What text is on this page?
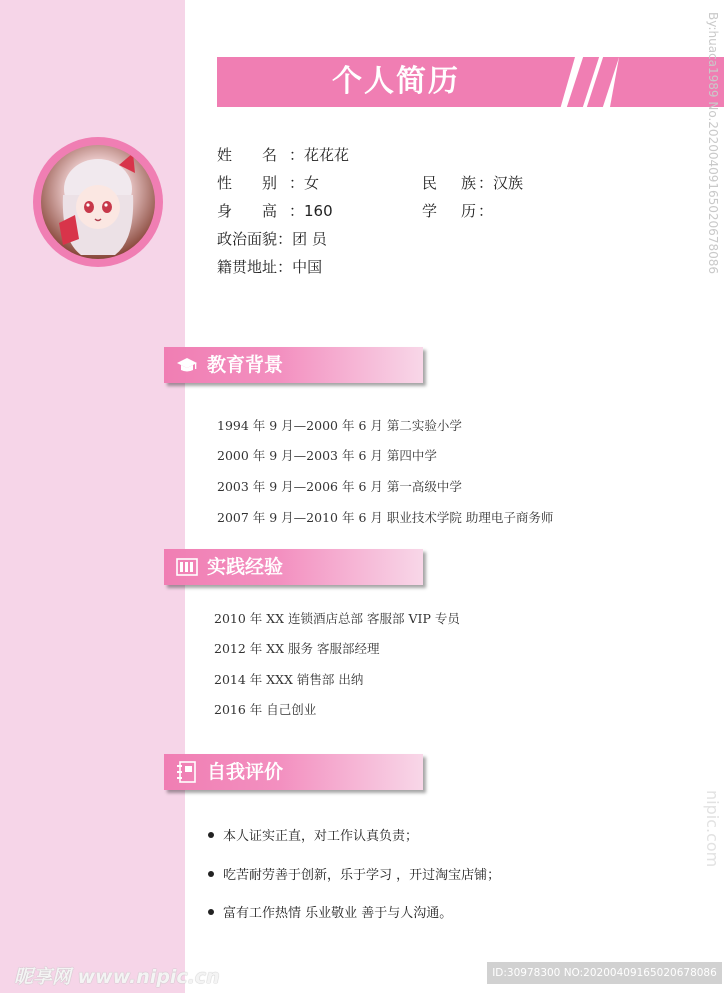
个人简历
姓 名 ：花花花
性 别 ：女	民 族 ：汉族
身 高 ：160	学 历 ：
政治面貌：团 员
籍贯地址：中国
教育背景
1994 年 9 月—2000 年 6 月 第二实验小学
2000 年 9 月—2003 年 6 月 第四中学
2003 年 9 月—2006 年 6 月 第一高级中学
2007 年 9 月—2010 年 6 月 职业技术学院 助理电子商务师
实践经验
2010 年 XX 连锁酒店总部 客服部 VIP 专员
2012 年 XX 服务 客服部经理
2014 年 XXX 销售部 出纳
2016 年 自己创业
自我评价
本人证实正直，对工作认真负责；
吃苦耐劳善于创新，乐于学习 ，开过淘宝店铺；
富有工作热情 乐业敬业 善于与人沟通。
By:huaca1989 No.20200409165020678086
nipic.com
昵享网 www.nipic.cn	ID:30978300 NO:20200409165020678086
